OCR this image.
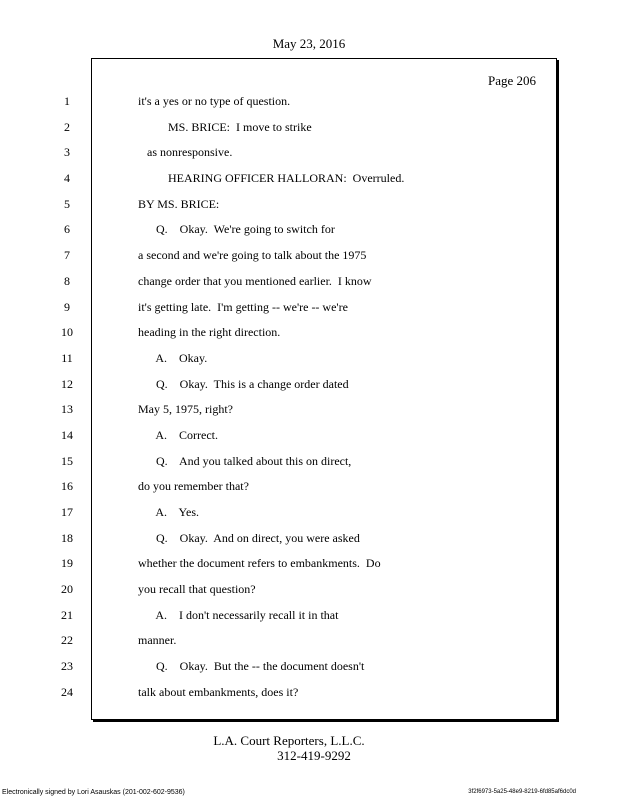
May 23, 2016
Page 206
1	it's a yes or no type of question.
2	MS. BRICE:  I move to strike
3	as nonresponsive.
4	HEARING OFFICER HALLORAN:  Overruled.
5	BY MS. BRICE:
6	Q.    Okay.  We're going to switch for
7	a second and we're going to talk about the 1975
8	change order that you mentioned earlier.  I know
9	it's getting late.  I'm getting -- we're -- we're
10	heading in the right direction.
11	A.    Okay.
12	Q.    Okay.  This is a change order dated
13	May 5, 1975, right?
14	A.    Correct.
15	Q.    And you talked about this on direct,
16	do you remember that?
17	A.    Yes.
18	Q.    Okay.  And on direct, you were asked
19	whether the document refers to embankments.  Do
20	you recall that question?
21	A.    I don't necessarily recall it in that
22	manner.
23	Q.    Okay.  But the -- the document doesn't
24	talk about embankments, does it?
L.A. Court Reporters, L.L.C.
312-419-9292
Electronically signed by Lori Asauskas (201-002-602-9536)	3f2f6973-5a25-48e9-8219-6fd85af6dc0d
